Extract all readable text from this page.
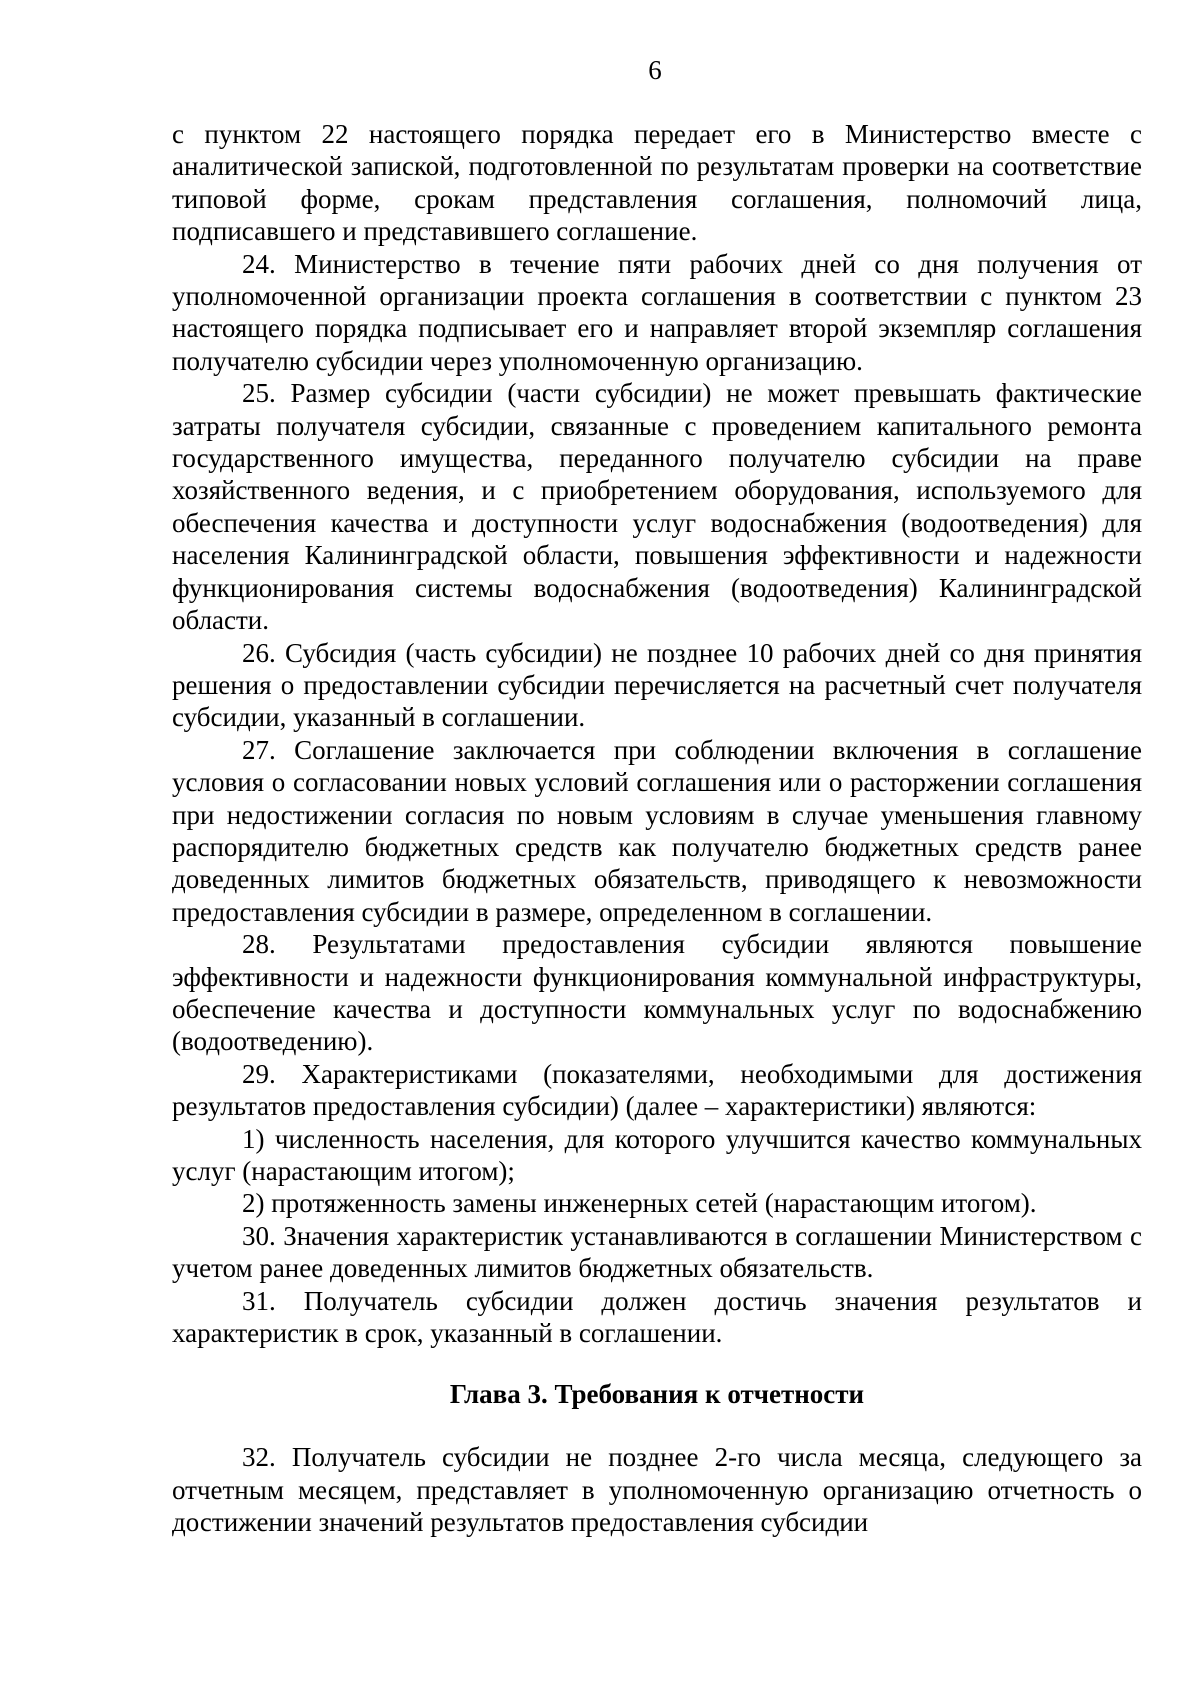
6

с пунктом 22 настоящего порядка передает его в Министерство вместе с аналитической запиской, подготовленной по результатам проверки на соответствие типовой форме, срокам представления соглашения, полномочий лица, подписавшего и представившего соглашение.

24. Министерство в течение пяти рабочих дней со дня получения от уполномоченной организации проекта соглашения в соответствии с пунктом 23 настоящего порядка подписывает его и направляет второй экземпляр соглашения получателю субсидии через уполномоченную организацию.

25. Размер субсидии (части субсидии) не может превышать фактические затраты получателя субсидии, связанные с проведением капитального ремонта государственного имущества, переданного получателю субсидии на праве хозяйственного ведения, и с приобретением оборудования, используемого для обеспечения качества и доступности услуг водоснабжения (водоотведения) для населения Калининградской области, повышения эффективности и надежности функционирования системы водоснабжения (водоотведения) Калининградской области.

26. Субсидия (часть субсидии) не позднее 10 рабочих дней со дня принятия решения о предоставлении субсидии перечисляется на расчетный счет получателя субсидии, указанный в соглашении.

27. Соглашение заключается при соблюдении включения в соглашение условия о согласовании новых условий соглашения или о расторжении соглашения при недостижении согласия по новым условиям в случае уменьшения главному распорядителю бюджетных средств как получателю бюджетных средств ранее доведенных лимитов бюджетных обязательств, приводящего к невозможности предоставления субсидии в размере, определенном в соглашении.

28. Результатами предоставления субсидии являются повышение эффективности и надежности функционирования коммунальной инфраструктуры, обеспечение качества и доступности коммунальных услуг по водоснабжению (водоотведению).

29. Характеристиками (показателями, необходимыми для достижения результатов предоставления субсидии) (далее – характеристики) являются:

1) численность населения, для которого улучшится качество коммунальных услуг (нарастающим итогом);

2) протяженность замены инженерных сетей (нарастающим итогом).

30. Значения характеристик устанавливаются в соглашении Министерством с учетом ранее доведенных лимитов бюджетных обязательств.

31. Получатель субсидии должен достичь значения результатов и характеристик в срок, указанный в соглашении.

Глава 3. Требования к отчетности

32. Получатель субсидии не позднее 2-го числа месяца, следующего за отчетным месяцем, представляет в уполномоченную организацию отчетность о достижении значений результатов предоставления субсидии
